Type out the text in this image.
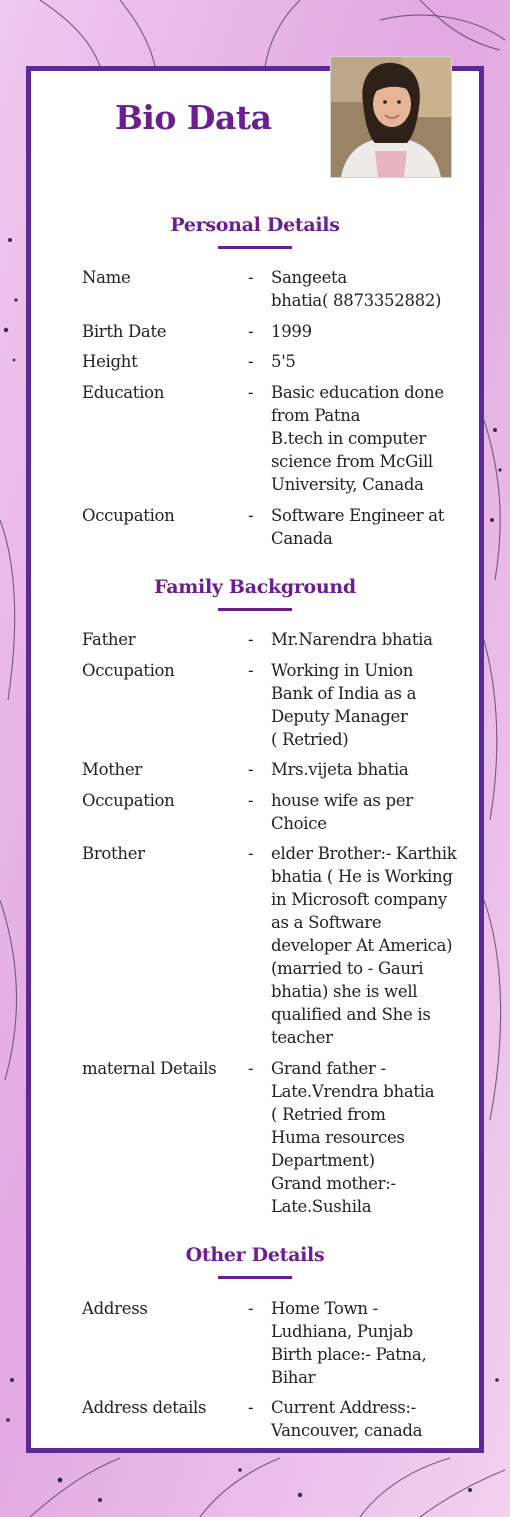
Bio Data
Personal Details
Name	-	Sangeeta
bhatia( 8873352882)
Birth Date	-	1999
Height	-	5'5
Education	-	Basic education done
from Patna
B.tech in computer
science from McGill
University, Canada
Occupation	-	Software Engineer at
Canada
Family Background
Father	-	Mr.Narendra bhatia
Occupation	-	Working in Union
Bank of India as a
Deputy Manager
( Retried)
Mother	-	Mrs.vijeta bhatia
Occupation	-	house wife as per
Choice
Brother	-	elder Brother:- Karthik
bhatia ( He is Working
in Microsoft company
as a Software
developer At America)
(married to - Gauri
bhatia) she is well
qualified and She is
teacher
maternal Details	-	Grand father -
Late.Vrendra bhatia
( Retried from
Huma resources
Department)
Grand mother:-
Late.Sushila
Other Details
Address	-	Home Town -
Ludhiana, Punjab
Birth place:- Patna,
Bihar
Address details	-	Current Address:-
Vancouver, canada
